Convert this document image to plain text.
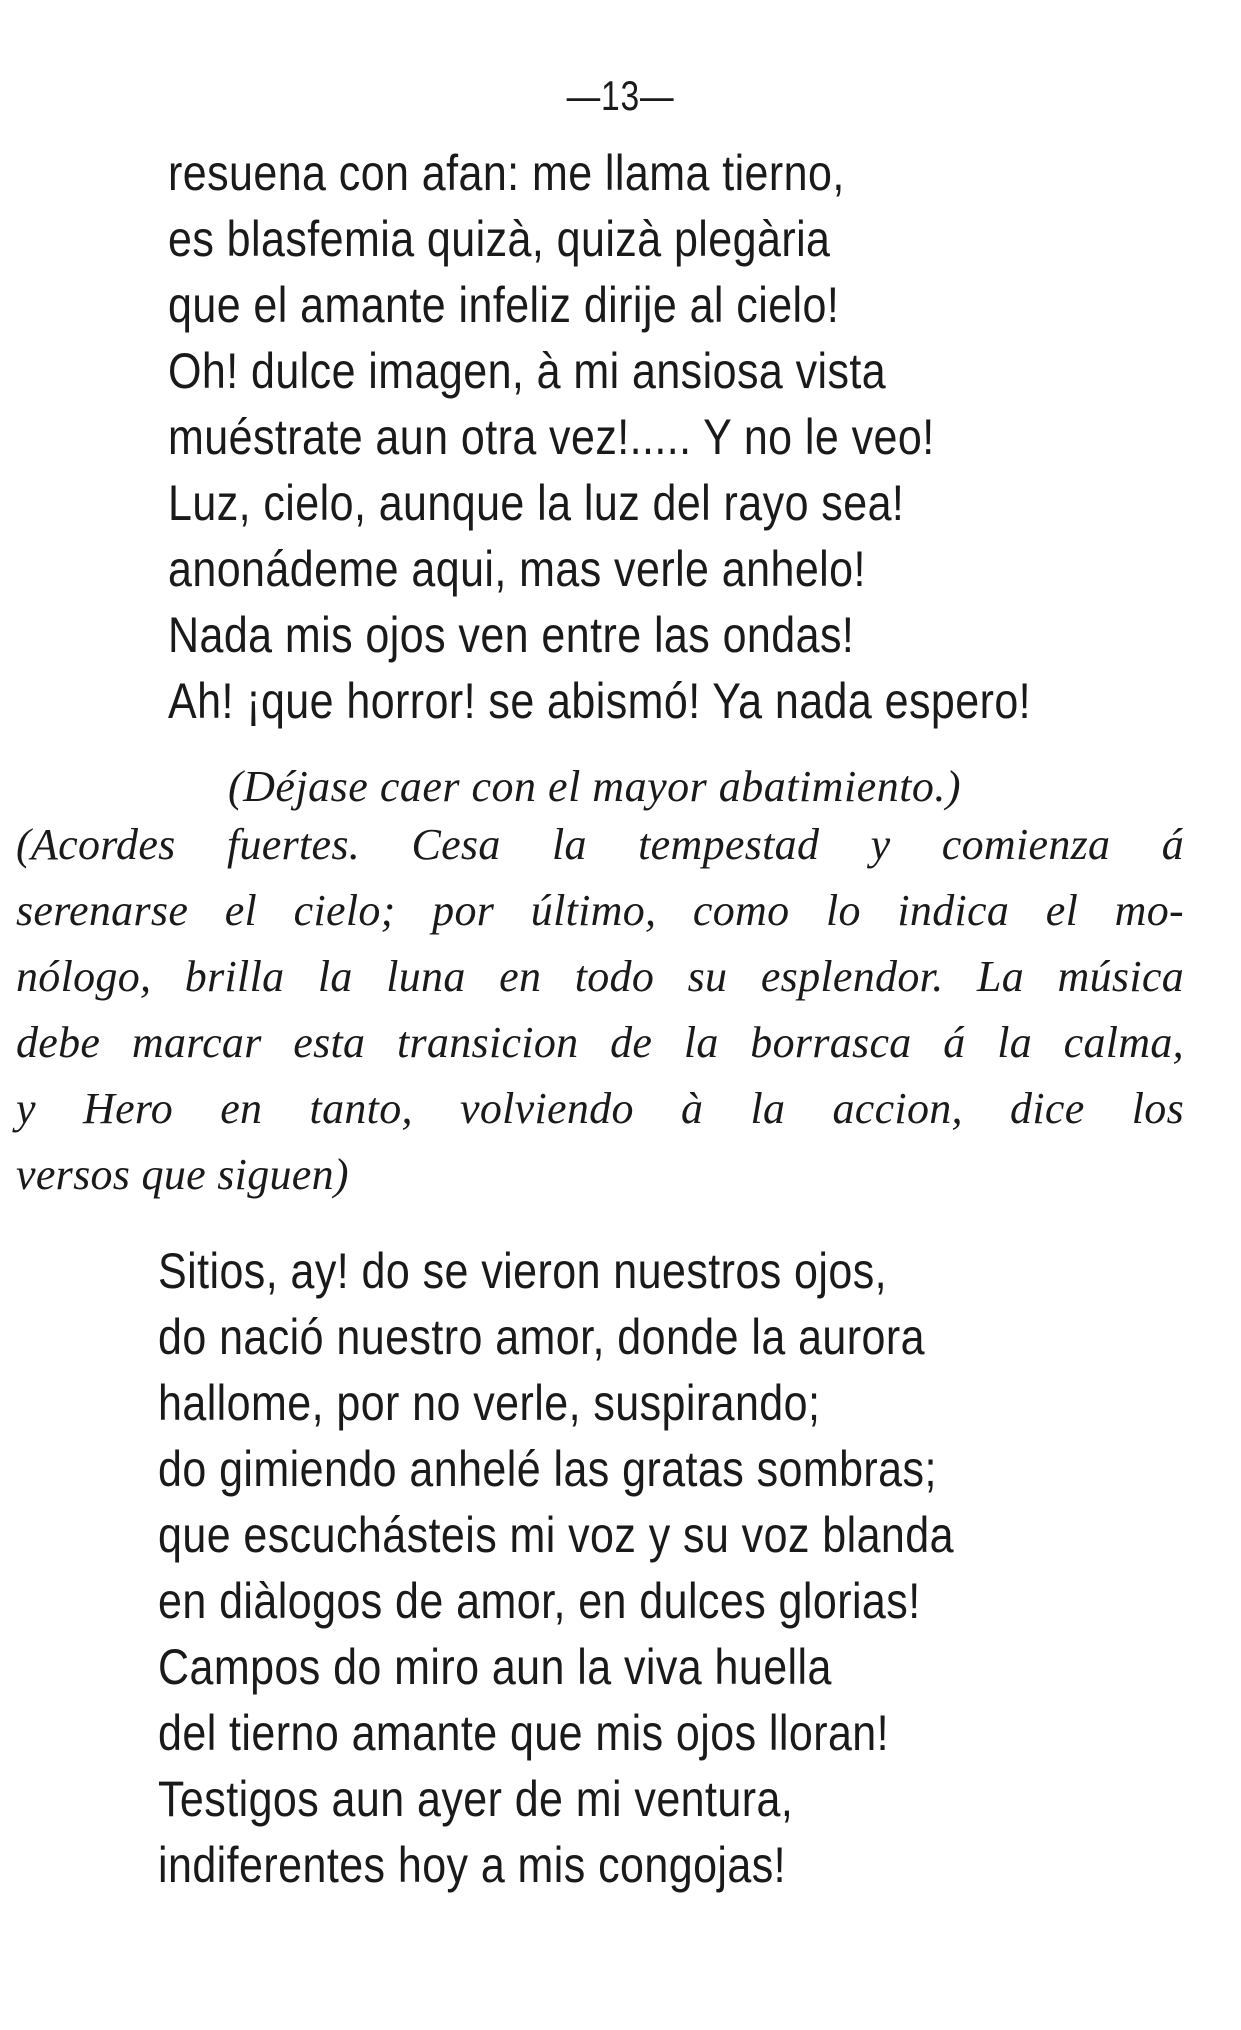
—13—
resuena con afan: me llama tierno,
es blasfemia quizà, quizà plegària
que el amante infeliz dirije al cielo!
Oh! dulce imagen, à mi ansiosa vista
muéstrate aun otra vez!..... Y no le veo!
Luz, cielo, aunque la luz del rayo sea!
anonádeme aqui, mas verle anhelo!
Nada mis ojos ven entre las ondas!
Ah! ¡que horror! se abismó! Ya nada espero!
(Déjase caer con el mayor abatimiento.)
(Acordes fuertes. Cesa la tempestad y comienza á
serenarse el cielo; por último, como lo indica el mo-
nólogo, brilla la luna en todo su esplendor. La música
debe marcar esta transicion de la borrasca á la calma,
y Hero en tanto, volviendo à la accion, dice los
versos que siguen)
Sitios, ay! do se vieron nuestros ojos,
do nació nuestro amor, donde la aurora
hallome, por no verle, suspirando;
do gimiendo anhelé las gratas sombras;
que escuchásteis mi voz y su voz blanda
en diàlogos de amor, en dulces glorias!
Campos do miro aun la viva huella
del tierno amante que mis ojos lloran!
Testigos aun ayer de mi ventura,
indiferentes hoy a mis congojas!
